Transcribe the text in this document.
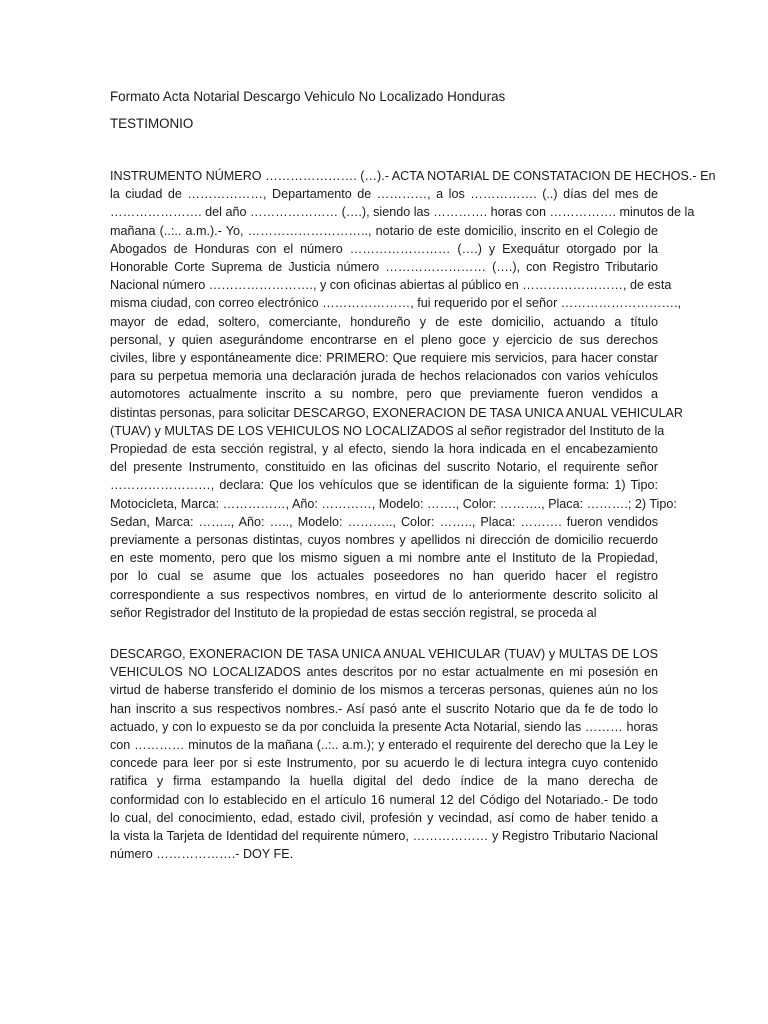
Formato Acta Notarial Descargo Vehiculo No Localizado Honduras

TESTIMONIO

INSTRUMENTO NÚMERO …………………. (…).- ACTA NOTARIAL DE CONSTATACION DE HECHOS.- En
la ciudad de ………………, Departamento de …………, a los ……………. (..) días del mes de
…………………. del año ………………… (….), siendo las …………. horas con ……………. minutos de la
mañana (..:.. a.m.).- Yo, ……………………….., notario de este domicilio, inscrito en el Colegio de
Abogados de Honduras con el número …………………… (….) y Exequátur otorgado por la
Honorable Corte Suprema de Justicia número …………………… (….), con Registro Tributario
Nacional número ……………………., y con oficinas abiertas al público en ……………………, de esta
misma ciudad, con correo electrónico …………………, fui requerido por el señor ……………………….,
mayor de edad, soltero, comerciante, hondureño y de este domicilio, actuando a título
personal, y quien asegurándome encontrarse en el pleno goce y ejercicio de sus derechos
civiles, libre y espontáneamente dice: PRIMERO: Que requiere mis servicios, para hacer constar
para su perpetua memoria una declaración jurada de hechos relacionados con varios vehículos
automotores actualmente inscrito a su nombre, pero que previamente fueron vendidos a
distintas personas, para solicitar DESCARGO, EXONERACION DE TASA UNICA ANUAL VEHICULAR
(TUAV) y MULTAS DE LOS VEHICULOS NO LOCALIZADOS al señor registrador del Instituto de la
Propiedad de esta sección registral, y al efecto, siendo la hora indicada en el encabezamiento
del presente Instrumento, constituido en las oficinas del suscrito Notario, el requirente señor
……………………, declara: Que los vehículos que se identifican de la siguiente forma: 1) Tipo:
Motocicleta, Marca: ……………, Año: …………, Modelo: ……., Color: ………., Placa: ……….; 2) Tipo:
Sedan, Marca: …….., Año: ….., Modelo: ……….., Color: …….., Placa: ………. fueron vendidos
previamente a personas distintas, cuyos nombres y apellidos ni dirección de domicilio recuerdo
en este momento, pero que los mismo siguen a mi nombre ante el Instituto de la Propiedad,
por lo cual se asume que los actuales poseedores no han querido hacer el registro
correspondiente a sus respectivos nombres, en virtud de lo anteriormente descrito solicito al
señor Registrador del Instituto de la propiedad de estas sección registral, se proceda al
DESCARGO, EXONERACION DE TASA UNICA ANUAL VEHICULAR (TUAV) y MULTAS DE LOS
VEHICULOS NO LOCALIZADOS antes descritos por no estar actualmente en mi posesión en
virtud de haberse transferido el dominio de los mismos a terceras personas, quienes aún no los
han inscrito a sus respectivos nombres.- Así pasó ante el suscrito Notario que da fe de todo lo
actuado, y con lo expuesto se da por concluida la presente Acta Notarial, siendo las ……… horas
con ………… minutos de la mañana (..:.. a.m.); y enterado el requirente del derecho que la Ley le
concede para leer por si este Instrumento, por su acuerdo le di lectura integra cuyo contenido
ratifica y firma estampando la huella digital del dedo índice de la mano derecha de
conformidad con lo establecido en el artículo 16 numeral 12 del Código del Notariado.- De todo
lo cual, del conocimiento, edad, estado civil, profesión y vecindad, así como de haber tenido a
la vista la Tarjeta de Identidad del requirente número, ……………… y Registro Tributario Nacional
número ……………….- DOY FE.
